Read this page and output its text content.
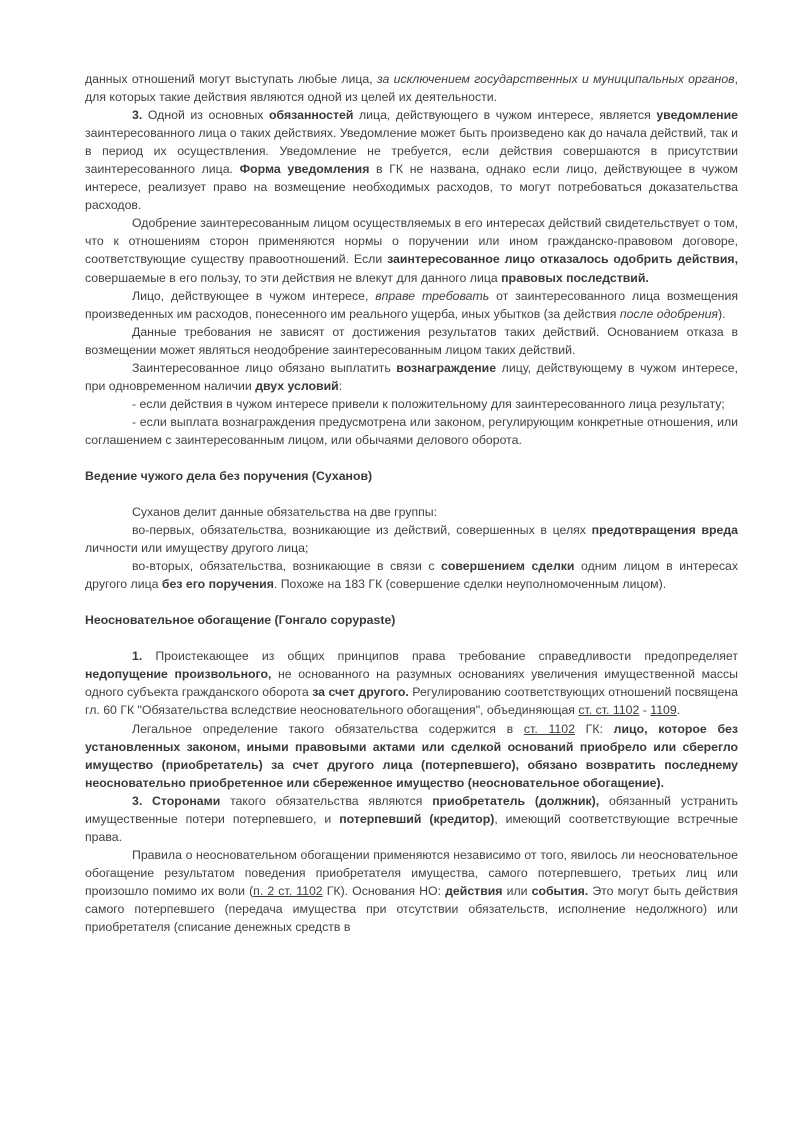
данных отношений могут выступать любые лица, за исключением государственных и муниципальных органов, для которых такие действия являются одной из целей их деятельности.

3. Одной из основных обязанностей лица, действующего в чужом интересе, является уведомление заинтересованного лица о таких действиях. Уведомление может быть произведено как до начала действий, так и в период их осуществления. Уведомление не требуется, если действия совершаются в присутствии заинтересованного лица. Форма уведомления в ГК не названа, однако если лицо, действующее в чужом интересе, реализует право на возмещение необходимых расходов, то могут потребоваться доказательства расходов.

Одобрение заинтересованным лицом осуществляемых в его интересах действий свидетельствует о том, что к отношениям сторон применяются нормы о поручении или ином гражданско-правовом договоре, соответствующие существу правоотношений. Если заинтересованное лицо отказалось одобрить действия, совершаемые в его пользу, то эти действия не влекут для данного лица правовых последствий.

Лицо, действующее в чужом интересе, вправе требовать от заинтересованного лица возмещения произведенных им расходов, понесенного им реального ущерба, иных убытков (за действия после одобрения).

Данные требования не зависят от достижения результатов таких действий. Основанием отказа в возмещении может являться неодобрение заинтересованным лицом таких действий.

Заинтересованное лицо обязано выплатить вознаграждение лицу, действующему в чужом интересе, при одновременном наличии двух условий:

- если действия в чужом интересе привели к положительному для заинтересованного лица результату;

- если выплата вознаграждения предусмотрена или законом, регулирующим конкретные отношения, или соглашением с заинтересованным лицом, или обычаями делового оборота.

Ведение чужого дела без поручения (Суханов)

Суханов делит данные обязательства на две группы:

во-первых, обязательства, возникающие из действий, совершенных в целях предотвращения вреда личности или имуществу другого лица;

во-вторых, обязательства, возникающие в связи с совершением сделки одним лицом в интересах другого лица без его поручения. Похоже на 183 ГК (совершение сделки неуполномоченным лицом).

Неосновательное обогащение (Гонгало copypaste)

1. Проистекающее из общих принципов права требование справедливости предопределяет недопущение произвольного, не основанного на разумных основаниях увеличения имущественной массы одного субъекта гражданского оборота за счет другого. Регулированию соответствующих отношений посвящена гл. 60 ГК "Обязательства вследствие неосновательного обогащения", объединяющая ст. ст. 1102 - 1109.

Легальное определение такого обязательства содержится в ст. 1102 ГК: лицо, которое без установленных законом, иными правовыми актами или сделкой оснований приобрело или сберегло имущество (приобретатель) за счет другого лица (потерпевшего), обязано возвратить последнему неосновательно приобретенное или сбереженное имущество (неосновательное обогащение).

3. Сторонами такого обязательства являются приобретатель (должник), обязанный устранить имущественные потери потерпевшего, и потерпевший (кредитор), имеющий соответствующие встречные права.

Правила о неосновательном обогащении применяются независимо от того, явилось ли неосновательное обогащение результатом поведения приобретателя имущества, самого потерпевшего, третьих лиц или произошло помимо их воли (п. 2 ст. 1102 ГК). Основания НО: действия или события. Это могут быть действия самого потерпевшего (передача имущества при отсутствии обязательств, исполнение недолжного) или приобретателя (списание денежных средств в
